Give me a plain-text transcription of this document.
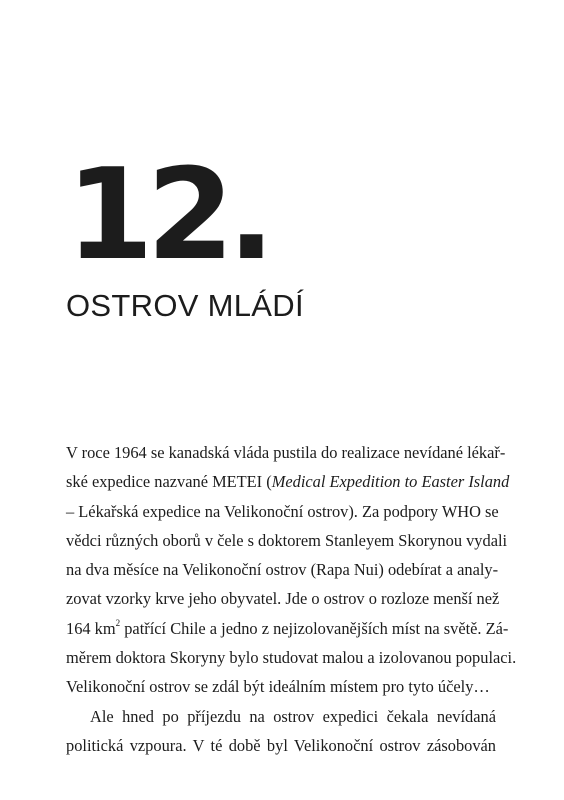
12.
OSTROV MLÁDÍ
V roce 1964 se kanadská vláda pustila do realizace nevídané lékař-
ské expedice nazvané METEI (Medical Expedition to Easter Island
– Lékařská expedice na Velikonoční ostrov). Za podpory WHO se
vědci různých oborů v čele s doktorem Stanleyem Skorynou vydali
na dva měsíce na Velikonoční ostrov (Rapa Nui) odebírat a analy-
zovat vzorky krve jeho obyvatel. Jde o ostrov o rozloze menší než
164 $km^2$ patřící Chile a jedno z nejizolovanějších míst na světě. Zá-
měrem doktora Skoryny bylo studovat malou a izolovanou populaci.
Velikonoční ostrov se zdál být ideálním místem pro tyto účely…
Ale hned po příjezdu na ostrov expedici čekala nevídaná
politická vzpoura. V té době byl Velikonoční ostrov zásobován
